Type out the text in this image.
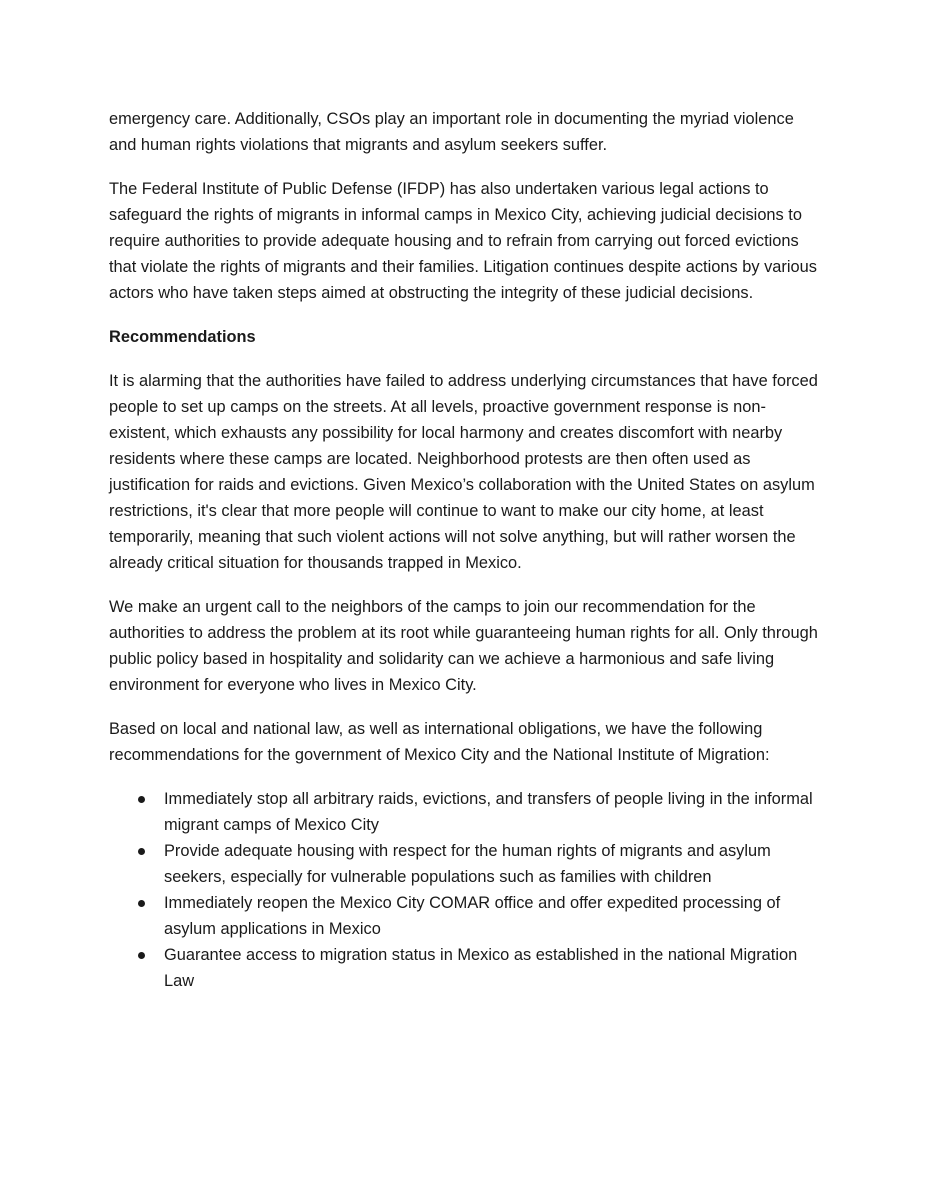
emergency care. Additionally, CSOs play an important role in documenting the myriad violence and human rights violations that migrants and asylum seekers suffer.

The Federal Institute of Public Defense (IFDP) has also undertaken various legal actions to safeguard the rights of migrants in informal camps in Mexico City, achieving judicial decisions to require authorities to provide adequate housing and to refrain from carrying out forced evictions that violate the rights of migrants and their families. Litigation continues despite actions by various actors who have taken steps aimed at obstructing the integrity of these judicial decisions.

Recommendations

It is alarming that the authorities have failed to address underlying circumstances that have forced people to set up camps on the streets. At all levels, proactive government response is non-existent, which exhausts any possibility for local harmony and creates discomfort with nearby residents where these camps are located. Neighborhood protests are then often used as justification for raids and evictions. Given Mexico’s collaboration with the United States on asylum restrictions, it's clear that more people will continue to want to make our city home, at least temporarily, meaning that such violent actions will not solve anything, but will rather worsen the already critical situation for thousands trapped in Mexico.

We make an urgent call to the neighbors of the camps to join our recommendation for the authorities to address the problem at its root while guaranteeing human rights for all. Only through public policy based in hospitality and solidarity can we achieve a harmonious and safe living environment for everyone who lives in Mexico City.

Based on local and national law, as well as international obligations, we have the following recommendations for the government of Mexico City and the National Institute of Migration:

Immediately stop all arbitrary raids, evictions, and transfers of people living in the informal migrant camps of Mexico City
Provide adequate housing with respect for the human rights of migrants and asylum seekers, especially for vulnerable populations such as families with children
Immediately reopen the Mexico City COMAR office and offer expedited processing of asylum applications in Mexico
Guarantee access to migration status in Mexico as established in the national Migration Law
